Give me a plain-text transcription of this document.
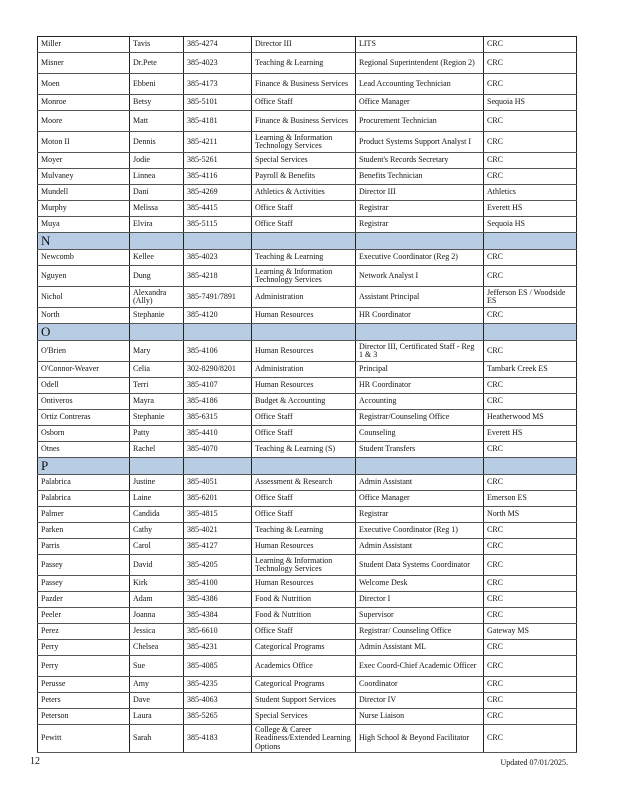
Miller	Tavis	385-4274	Director III	LITS	CRC
Misner	Dr.Pete	385-4023	Teaching & Learning	Regional Superintendent (Region 2)	CRC
Moen	Ebbeni	385-4173	Finance & Business Services	Lead Accounting Technician	CRC
Monroe	Betsy	385-5101	Office Staff	Office Manager	Sequoia HS
Moore	Matt	385-4181	Finance & Business Services	Procurement Technician	CRC
Moton II	Dennis	385-4211	Learning & Information Technology Services	Product Systems Support Analyst I	CRC
Moyer	Jodie	385-5261	Special Services	Student's Records Secretary	CRC
Mulvaney	Linnea	385-4116	Payroll & Benefits	Benefits Technician	CRC
Mundell	Dani	385-4269	Athletics & Activities	Director III	Athletics
Murphy	Melissa	385-4415	Office Staff	Registrar	Everett HS
Muya	Elvira	385-5115	Office Staff	Registrar	Sequoia HS
N					
Newcomb	Kellee	385-4023	Teaching & Learning	Executive Coordinator (Reg 2)	CRC
Nguyen	Dung	385-4218	Learning & Information Technology Services	Network Analyst I	CRC
Nichol	Alexandra (Ally)	385-7491/7891	Administration	Assistant Principal	Jefferson ES / Woodside ES
North	Stephanie	385-4120	Human Resources	HR Coordinator	CRC
O					
O'Brien	Mary	385-4106	Human Resources	Director III, Certificated Staff - Reg 1 & 3	CRC
O'Connor-Weaver	Celia	302-8290/8201	Administration	Principal	Tambark Creek ES
Odell	Terri	385-4107	Human Resources	HR Coordinator	CRC
Ontiveros	Mayra	385-4186	Budget & Accounting	Accounting	CRC
Ortiz Contreras	Stephanie	385-6315	Office Staff	Registrar/Counseling Office	Heatherwood MS
Osborn	Patty	385-4410	Office Staff	Counseling	Everett HS
Otnes	Rachel	385-4070	Teaching & Learning (S)	Student Transfers	CRC
P					
Palabrica	Justine	385-4051	Assessment & Research	Admin Assistant	CRC
Palabrica	Laine	385-6201	Office Staff	Office Manager	Emerson ES
Palmer	Candida	385-4815	Office Staff	Registrar	North MS
Parken	Cathy	385-4021	Teaching & Learning	Executive Coordinator (Reg 1)	CRC
Parris	Carol	385-4127	Human Resources	Admin Assistant	CRC
Passey	David	385-4205	Learning & Information Technology Services	Student Data Systems Coordinator	CRC
Passey	Kirk	385-4100	Human Resources	Welcome Desk	CRC
Pazder	Adam	385-4386	Food & Nutrition	Director I	CRC
Peeler	Joanna	385-4384	Food & Nutrition	Supervisor	CRC
Perez	Jessica	385-6610	Office Staff	Registrar/ Counseling Office	Gateway MS
Perry	Chelsea	385-4231	Categorical Programs	Admin Assistant ML	CRC
Perry	Sue	385-4085	Academics Office	Exec Coord-Chief Academic Officer	CRC
Perusse	Amy	385-4235	Categorical Programs	Coordinator	CRC
Peters	Dave	385-4063	Student Support Services	Director IV	CRC
Peterson	Laura	385-5265	Special Services	Nurse Liaison	CRC
Pewitt	Sarah	385-4183	College & Career Readiness/Extended Learning Options	High School & Beyond Facilitator	CRC
12	Updated 07/01/2025.
